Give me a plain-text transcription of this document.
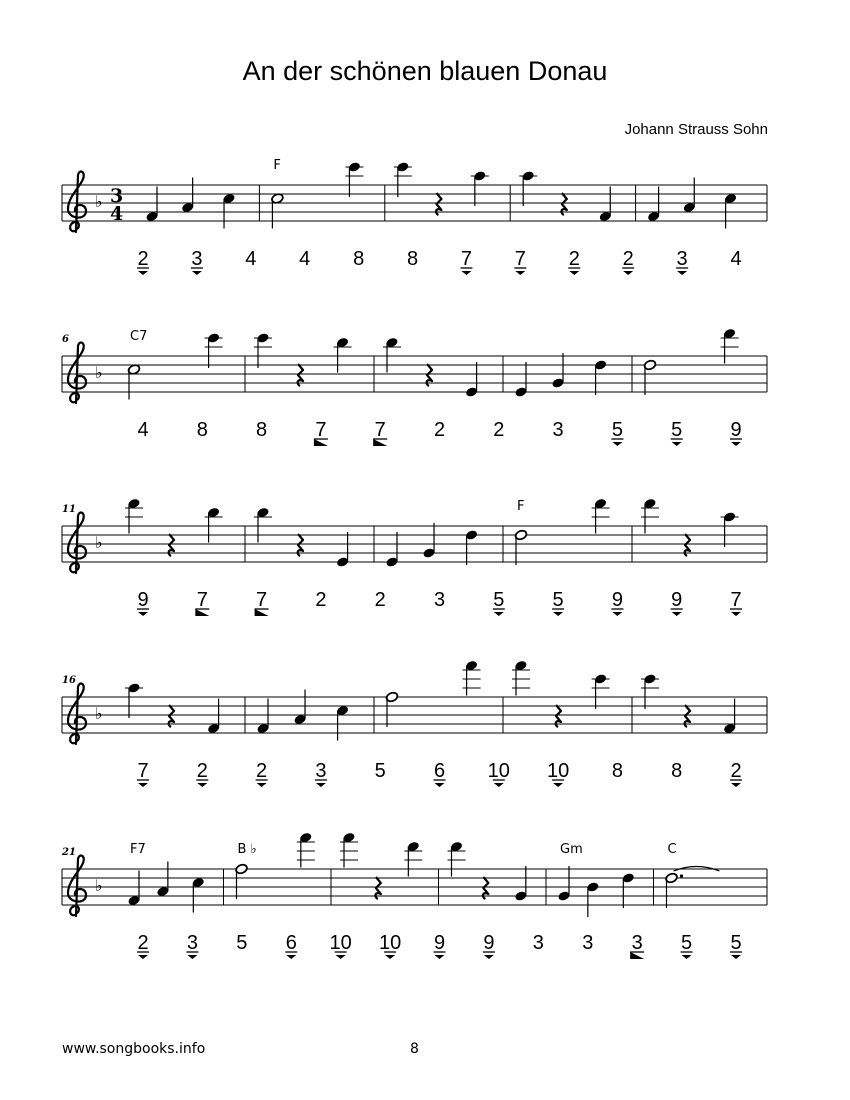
An der schönen blauen Donau
Johann Strauss Sohn
♭ 3
4
F
2 3 4 4 8 8 7 7 2 2 3 4
6
♭
C7
4 8 8 7 7 2 2 3 5 5 9
11
♭
F
9 7 7 2 2 3 5 5 9 9 7
16
♭
7 2 2 3 5 6 10 10 8 8 2
21
♭
F7	B ♭	Gm	C
2 3 5 6 10 10 9 9 3 3 3 5 5
www.songbooks.info	8
